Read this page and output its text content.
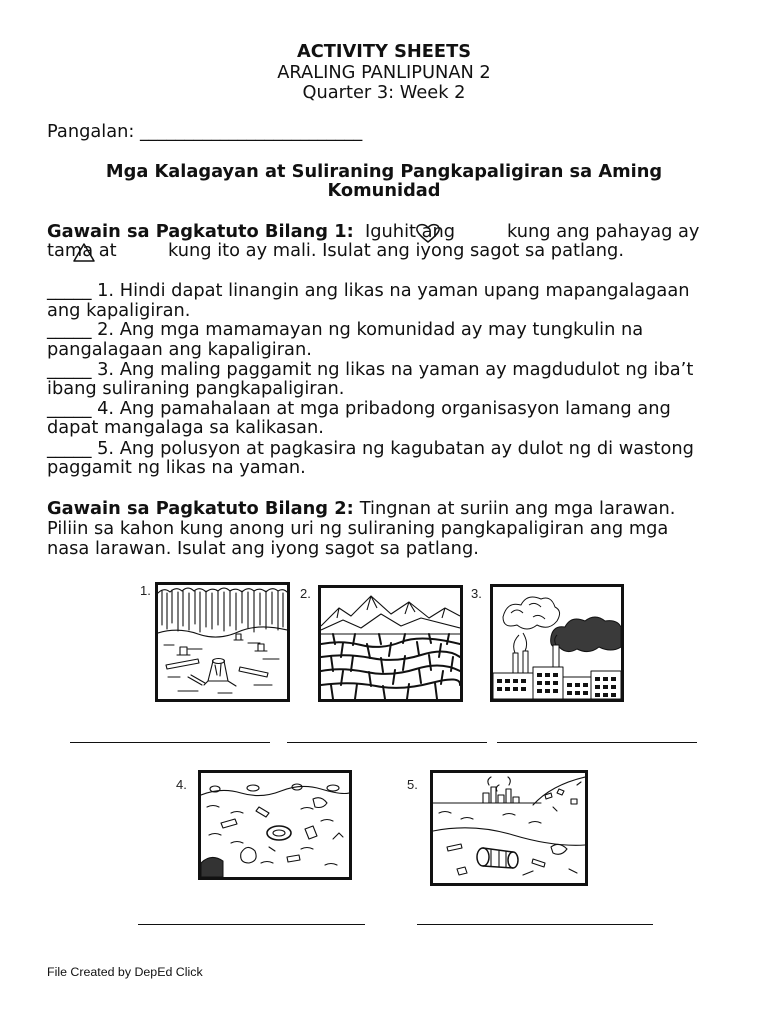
ACTIVITY SHEETS
ARALING PANLIPUNAN 2
Quarter 3: Week 2
Pangalan: _________________________
Mga Kalagayan at Suliraning Pangkapaligiran sa Aming
Komunidad
Gawain sa Pagkatuto Bilang 1: Iguhit ang	kung ang pahayag ay
tama at	kung ito ay mali. Isulat ang iyong sagot sa patlang.
_____ 1. Hindi dapat linangin ang likas na yaman upang mapangalagaan
ang kapaligiran.
_____ 2. Ang mga mamamayan ng komunidad ay may tungkulin na
pangalagaan ang kapaligiran.
_____ 3. Ang maling paggamit ng likas na yaman ay magdudulot ng iba’t
ibang suliraning pangkapaligiran.
_____ 4. Ang pamahalaan at mga pribadong organisasyon lamang ang
dapat mangalaga sa kalikasan.
_____ 5. Ang polusyon at pagkasira ng kagubatan ay dulot ng di wastong
paggamit ng likas na yaman.
Gawain sa Pagkatuto Bilang 2: Tingnan at suriin ang mga larawan.
Piliin sa kahon kung anong uri ng suliraning pangkapaligiran ang mga
nasa larawan. Isulat ang iyong sagot sa patlang.
1.	2.	3.
4.	5.
File Created by DepEd Click
